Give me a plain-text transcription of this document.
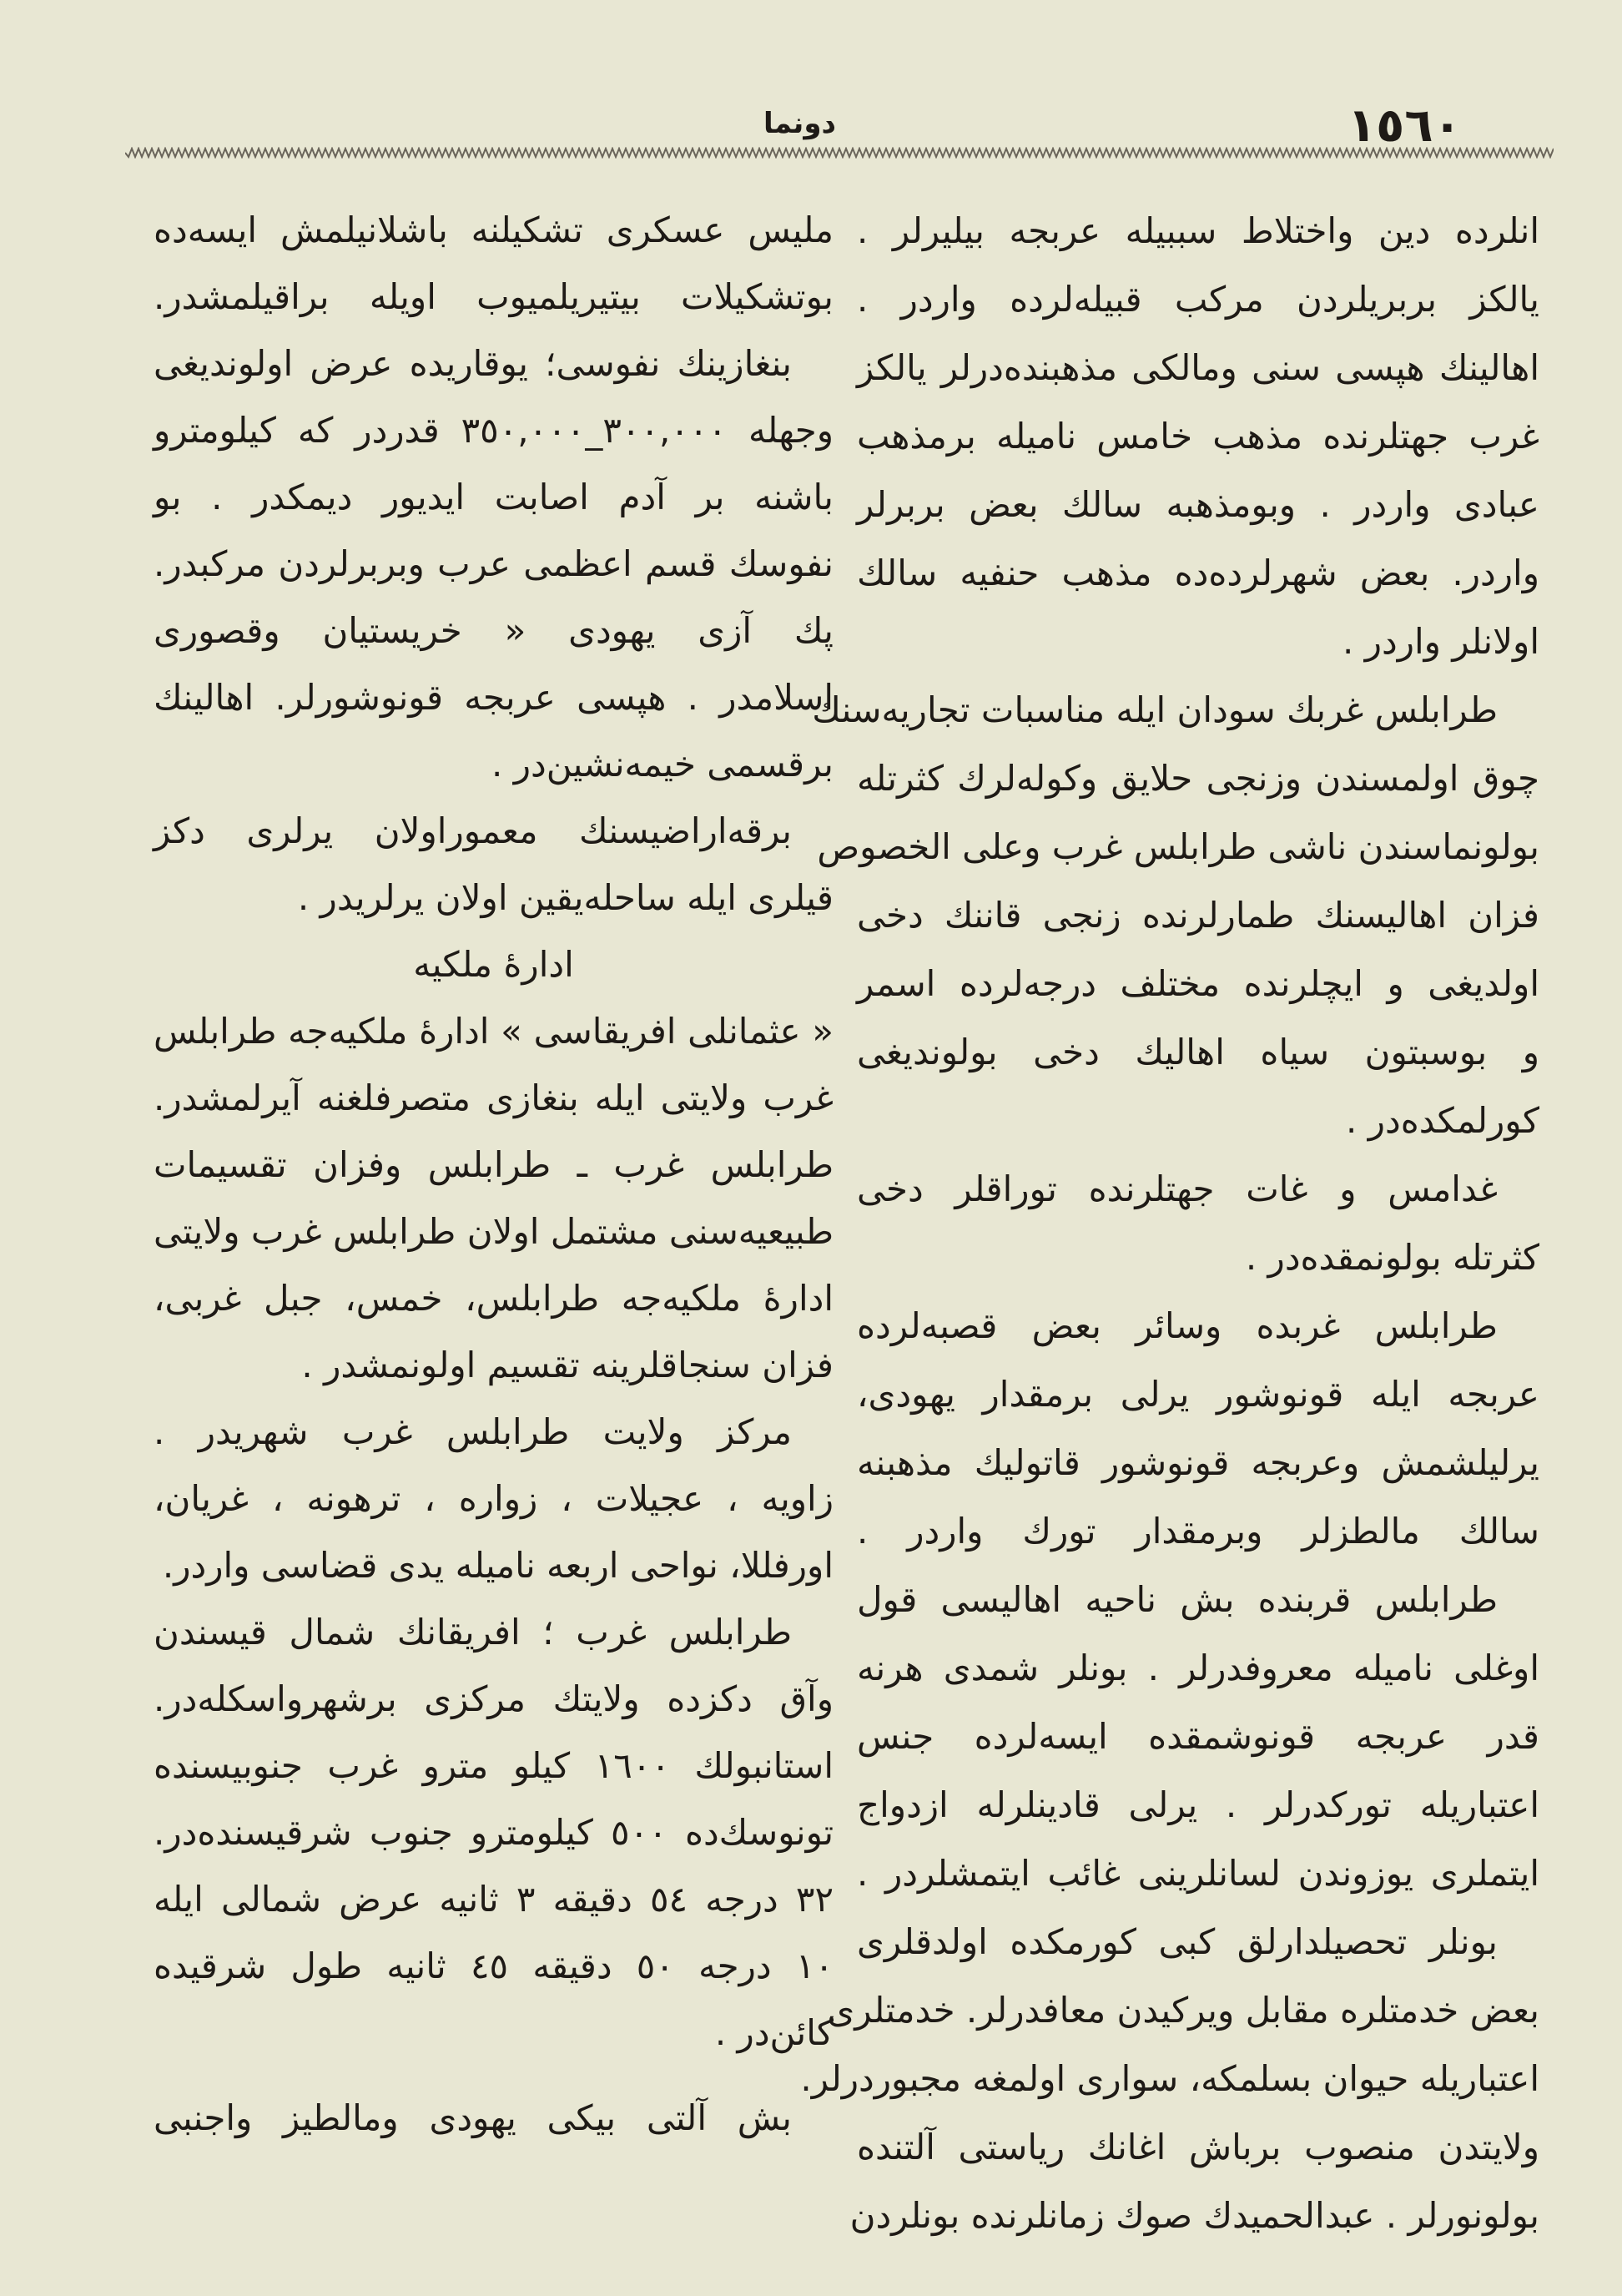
١٥٦٠
دونما
انلرده دين واختلاط سببيله عربجه بيليرلر .
يالكز بربريلردن مركب قبيله‌لرده واردر .
اهالينك هپسی سنی ومالكی مذهبنده‌درلر يالكز
غرب جهتلرنده مذهب خامس ناميله برمذهب
عبادی واردر . وبومذهبه سالك بعض بربرلر
واردر. بعض شهرلرده‌ده مذهب حنفيه سالك
اولانلر واردر .
طرابلس غربك سودان ايله مناسبات تجاريه‌سنك
چوق اولمسندن وزنجی حلايق وكوله‌لرك كثرتله
بولونماسندن ناشی طرابلس غرب وعلی الخصوص
فزان اهاليسنك طمارلرنده زنجی قاننك دخی
اولديغی و ايچلرنده مختلف درجه‌لرده اسمر
و بوسبتون سياه اهاليك دخی بولونديغی
كورلمكده‌در .
غدامس و غات جهتلرنده توراقلر دخی
كثرتله بولونمقده‌در .
طرابلس غربده وسائر بعض قصبه‌لرده
عربجه ايله قونوشور يرلی برمقدار يهودی،
يرليلشمش وعربجه قونوشور قاتوليك مذهبنه
سالك مالطزلر وبرمقدار تورك واردر .
طرابلس قربنده بش ناحيه اهاليسی قول
اوغلی ناميله معروفدرلر . بونلر شمدی هرنه
قدر عربجه قونوشمقده ايسه‌لرده جنس
اعتباريله توركدرلر . يرلی قادينلرله ازدواج
ايتملری يوزوندن لسانلرينی غائب ايتمشلردر .
بونلر تحصيلدارلق كبی كورمكده اولدقلری
بعض خدمتلره مقابل ويركيدن معافدرلر. خدمتلری
اعتباريله حيوان بسلمكه، سواری اولمغه مجبوردرلر.
ولايتدن منصوب برباش اغانك رياستی آلتنده
بولونورلر . عبدالحميدك صوك زمانلرنده بونلردن
مليس عسكری تشكيلنه باشلانيلمش ايسه‌ده
بوتشكيلات بيتيريلميوب اويله براقيلمشدر.
بنغازينك نفوسی؛ يوقاريده عرض اولونديغی
وجهله ٣٠٠,٠٠٠_٣٥٠,٠٠٠ قدردر كه كيلومترو
باشنه بر آدم اصابت ايديور ديمكدر . بو
نفوسك قسم اعظمی عرب وبربرلردن مركبدر.
پك آزی يهودی « خريستيان وقصوری
اسلامدر . هپسی عربجه قونوشورلر. اهالينك
برقسمی خيمه‌نشين‌در .
برقه‌اراضيسنك معموراولان يرلری دكز
قيلری ايله ساحله‌يقين اولان يرلريدر .
ادارهٔ ملكيه
« عثمانلی افريقاسی » ادارهٔ ملكيه‌جه طرابلس
غرب ولايتی ايله بنغازی متصرفلغنه آيرلمشدر.
طرابلس غرب ـ طرابلس وفزان تقسيمات
طبيعيه‌سنی مشتمل اولان طرابلس غرب ولايتی
ادارهٔ ملكيه‌جه طرابلس، خمس، جبل غربی،
فزان سنجاقلرينه تقسيم اولونمشدر .
مركز ولايت طرابلس غرب شهريدر .
زاويه ، عجيلات ، زواره ، ترهونه ، غريان،
اورفللا، نواحی اربعه ناميله يدی قضاسی واردر.
طرابلس غرب ؛ افريقانك شمال قيسندن
وآق دكزده ولايتك مركزی برشهرواسكله‌در.
استانبولك ١٦٠٠ كيلو مترو غرب جنوبيسنده
تونوسك‌ده ٥٠٠ كيلومترو جنوب شرقيسنده‌در.
٣٢ درجه ٥٤ دقيقه ٣ ثانيه عرض شمالی ايله
١٠ درجه ٥٠ دقيقه ٤٥ ثانيه طول شرقيده
كائن‌در .
بش آلتی بيكی يهودی ومالطيز واجنبی
